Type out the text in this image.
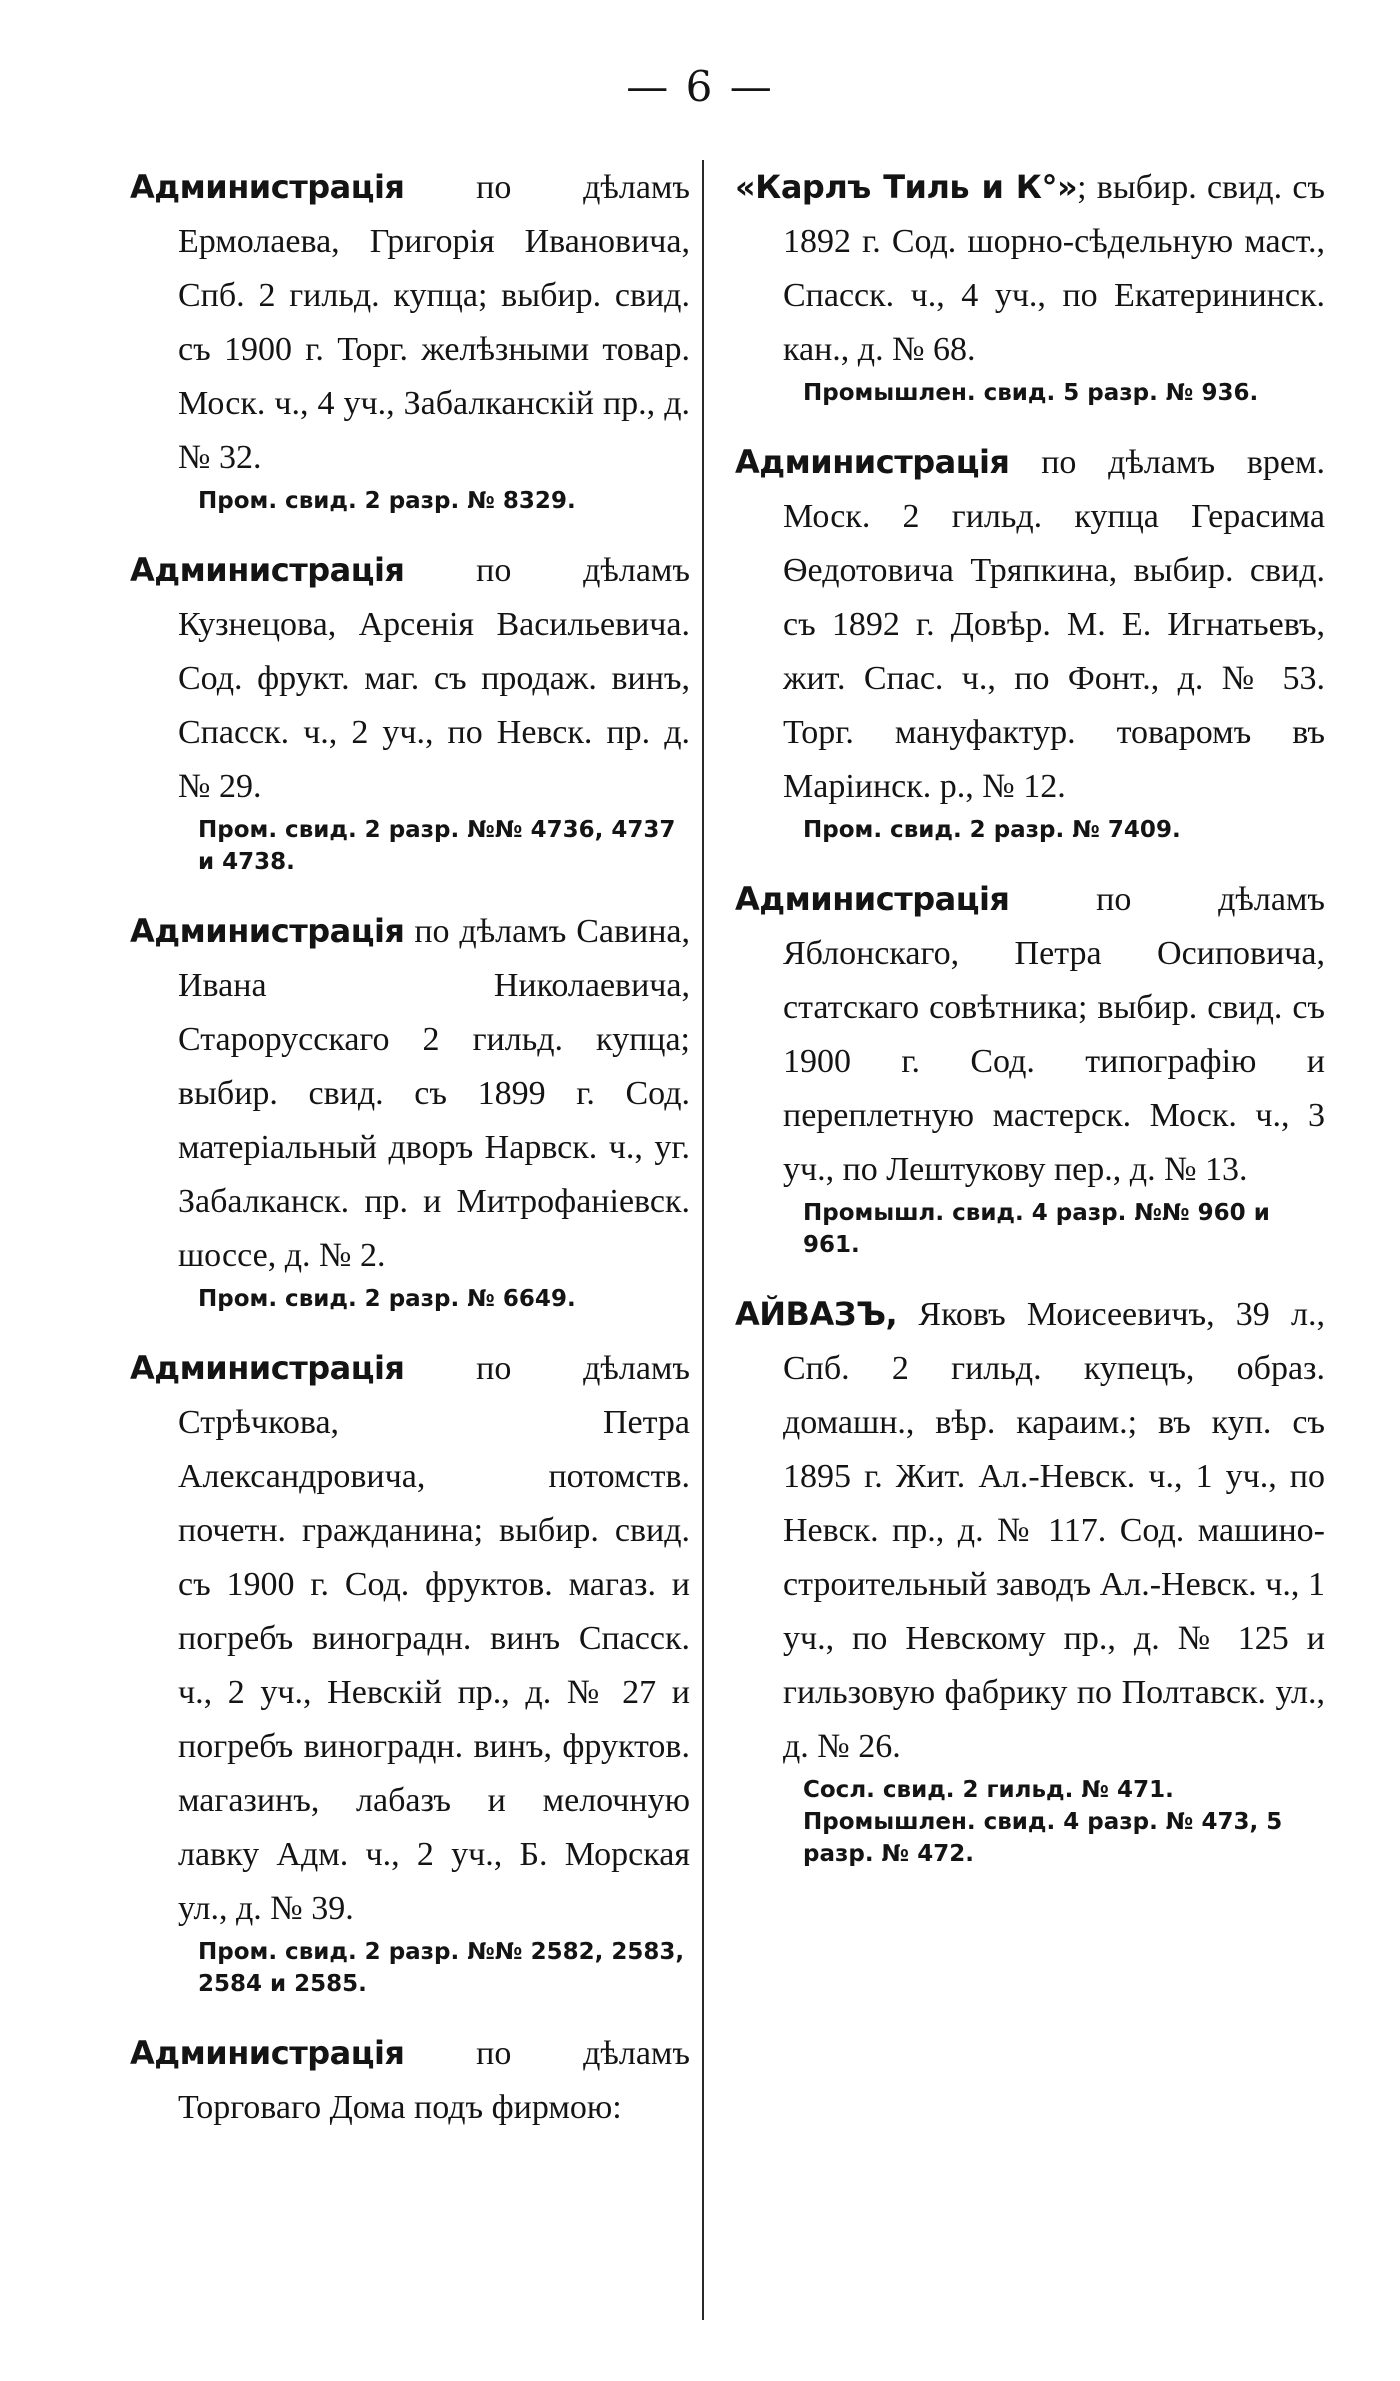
— 6 —

Администрація по дѣламъ Ермолаева, Григорія Ивановича, Спб. 2 гильд. купца; выбир. свид. съ 1900 г. Торг. желѣзными товар. Моск. ч., 4 уч., Забалканскій пр., д. № 32.

Пром. свид. 2 разр. № 8329.

Администрація по дѣламъ Кузнецова, Арсенія Васильевича. Сод. фрукт. маг. съ продаж. винъ, Спасск. ч., 2 уч., по Невск. пр. д. № 29.

Пром. свид. 2 разр. №№ 4736, 4737 и 4738.

Администрація по дѣламъ Савина, Ивана Николаевича, Старорусскаго 2 гильд. купца; выбир. свид. съ 1899 г. Сод. матеріальный дворъ Нарвск. ч., уг. Забалканск. пр. и Митрофаніевск. шоссе, д. № 2.

Пром. свид. 2 разр. № 6649.

Администрація по дѣламъ Стрѣчкова, Петра Александровича, потомств. почетн. гражданина; выбир. свид. съ 1900 г. Сод. фруктов. магаз. и погребъ виноградн. винъ Спасск. ч., 2 уч., Невскій пр., д. № 27 и погребъ виноградн. винъ, фруктов. магазинъ, лабазъ и мелочную лавку Адм. ч., 2 уч., Б. Морская ул., д. № 39.

Пром. свид. 2 разр. №№ 2582, 2583, 2584 и 2585.

Администрація по дѣламъ Торговаго Дома подъ фирмою:

«Карлъ Тиль и К°»; выбир. свид. съ 1892 г. Сод. шорно-сѣдельную маст., Спасск. ч., 4 уч., по Екатерининск. кан., д. № 68.

Промышлен. свид. 5 разр. № 936.

Администрація по дѣламъ врем. Моск. 2 гильд. купца Герасима Ѳедотовича Тряпкина, выбир. свид. съ 1892 г. Довѣр. М. Е. Игнатьевъ, жит. Спас. ч., по Фонт., д. № 53. Торг. мануфактур. товаромъ въ Маріинск. р., № 12.

Пром. свид. 2 разр. № 7409.

Администрація по дѣламъ Яблонскаго, Петра Осиповича, статскаго совѣтника; выбир. свид. съ 1900 г. Сод. типографію и переплетную мастерск. Моск. ч., 3 уч., по Лештукову пер., д. № 13.

Промышл. свид. 4 разр. №№ 960 и 961.

АЙВАЗЪ, Яковъ Моисеевичъ, 39 л., Спб. 2 гильд. купецъ, образ. домашн., вѣр. караим.; въ куп. съ 1895 г. Жит. Ал.-Невск. ч., 1 уч., по Невск. пр., д. № 117. Сод. машино-строительный заводъ Ал.-Невск. ч., 1 уч., по Невскому пр., д. № 125 и гильзовую фабрику по Полтавск. ул., д. № 26.

Сосл. свид. 2 гильд. № 471. Промышлен. свид. 4 разр. № 473, 5 разр. № 472.
